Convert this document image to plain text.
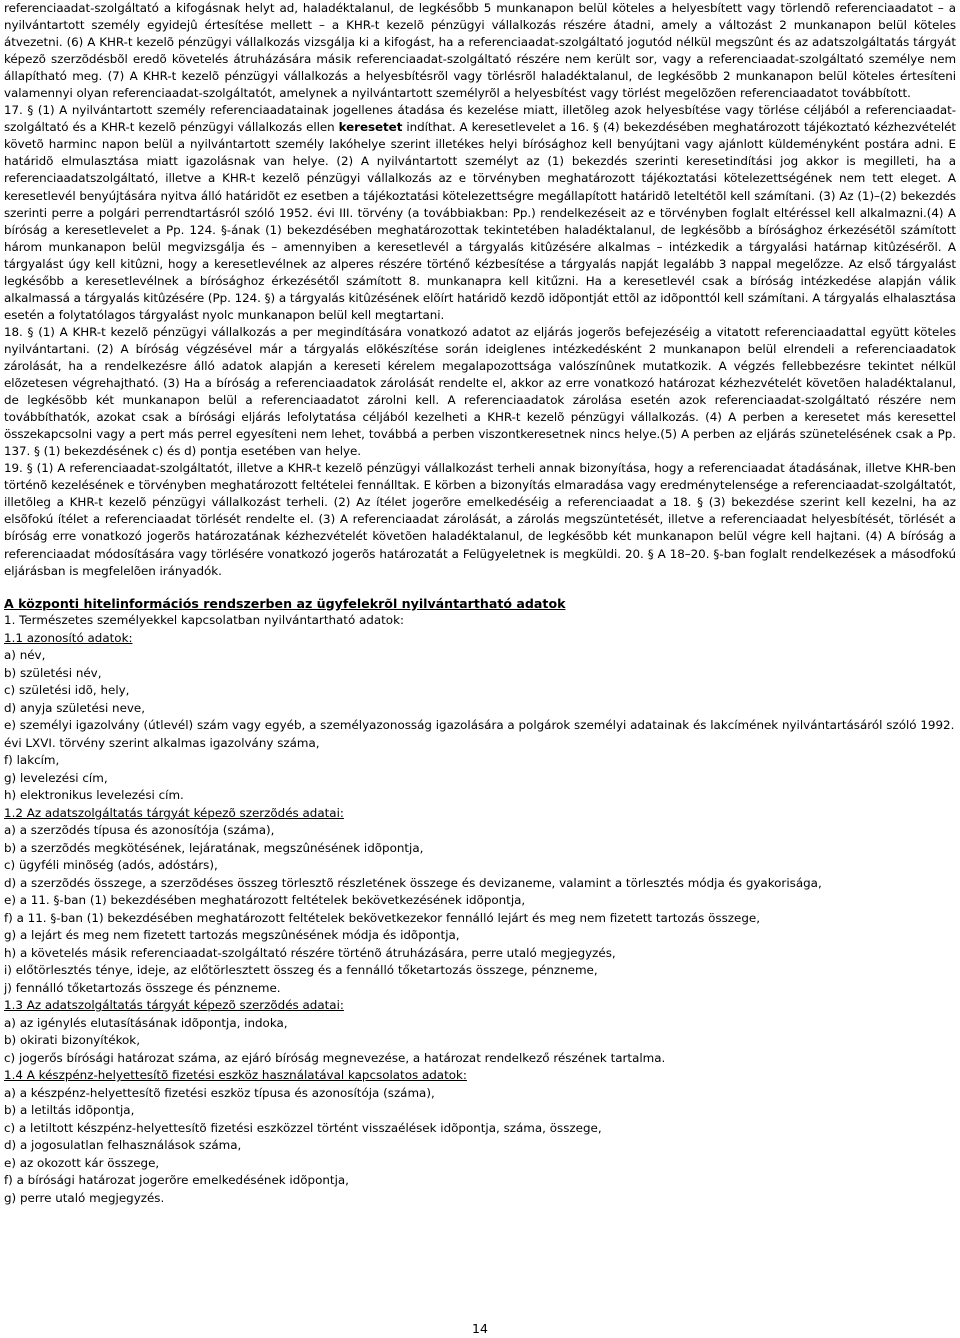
referenciaadat-szolgáltató a kifogásnak helyt ad, haladéktalanul, de legkésőbb 5 munkanapon belül köteles a helyesbített vagy törlendõ referenciaadatot – a nyilvántartott személy egyidejû értesítése mellett – a KHR-t kezelõ pénzügyi vállalkozás részére átadni, amely a változást 2 munkanapon belül köteles átvezetni. (6) A KHR-t kezelõ pénzügyi vállalkozás vizsgálja ki a kifogást, ha a referenciaadat-szolgáltató jogutód nélkül megszûnt és az adatszolgáltatás tárgyát képezõ szerzõdésbõl eredõ követelés átruházására másik referenciaadat-szolgáltató részére nem került sor, vagy a referenciaadat-szolgáltató személye nem állapítható meg. (7) A KHR-t kezelõ pénzügyi vállalkozás a helyesbítésrõl vagy törlésrõl haladéktalanul, de legkésõbb 2 munkanapon belül köteles értesíteni valamennyi olyan referenciaadat-szolgáltatót, amelynek a nyilvántartott személyrõl a helyesbítést vagy törlést megelõzõen referenciaadatot továbbított.

17. § (1) A nyilvántartott személy referenciaadatainak jogellenes átadása és kezelése miatt, illetõleg azok helyesbítése vagy törlése céljából a referenciaadat-szolgáltató és a KHR-t kezelõ pénzügyi vállalkozás ellen keresetet indíthat. A keresetlevelet a 16. § (4) bekezdésében meghatározott tájékoztató kézhezvételét követõ harminc napon belül a nyilvántartott személy lakóhelye szerint illetékes helyi bírósághoz kell benyújtani vagy ajánlott küldeményként postára adni. E határidõ elmulasztása miatt igazolásnak van helye. (2) A nyilvántartott személyt az (1) bekezdés szerinti keresetindítási jog akkor is megilleti, ha a referenciaadatszolgáltató, illetve a KHR-t kezelõ pénzügyi vállalkozás az e törvényben meghatározott tájékoztatási kötelezettségének nem tett eleget. A keresetlevél benyújtására nyitva álló határidõt ez esetben a tájékoztatási kötelezettségre megállapított határidõ leteltétõl kell számítani. (3) Az (1)–(2) bekezdés szerinti perre a polgári perrendtartásról szóló 1952. évi III. törvény (a továbbiakban: Pp.) rendelkezéseit az e törvényben foglalt eltéréssel kell alkalmazni.(4) A bíróság a keresetlevelet a Pp. 124. §-ának (1) bekezdésében meghatározottak tekintetében haladéktalanul, de legkésõbb a bírósághoz érkezésétõl számított három munkanapon belül megvizsgálja és – amennyiben a keresetlevél a tárgyalás kitûzésére alkalmas – intézkedik a tárgyalási határnap kitûzésérõl. A tárgyalást úgy kell kitûzni, hogy a keresetlevélnek az alperes részére történő kézbesítése a tárgyalás napját legalább 3 nappal megelőzze. Az első tárgyalást legkésőbb a keresetlevélnek a bírósághoz érkezésétől számított 8. munkanapra kell kitűzni. Ha a keresetlevél csak a bíróság intézkedése alapján válik alkalmassá a tárgyalás kitûzésére (Pp. 124. §) a tárgyalás kitûzésének elõírt határidõ kezdõ idõpontját ettõl az idõponttól kell számítani. A tárgyalás elhalasztása esetén a folytatólagos tárgyalást nyolc munkanapon belül kell megtartani.

18. § (1) A KHR-t kezelõ pénzügyi vállalkozás a per megindítására vonatkozó adatot az eljárás jogerõs befejezéséig a vitatott referenciaadattal együtt köteles nyilvántartani. (2) A bíróság végzésével már a tárgyalás elõkészítése során ideiglenes intézkedésként 2 munkanapon belül elrendeli a referenciaadatok zárolását, ha a rendelkezésre álló adatok alapján a kereseti kérelem megalapozottsága valószínûnek mutatkozik. A végzés fellebbezésre tekintet nélkül elõzetesen végrehajtható. (3) Ha a bíróság a referenciaadatok zárolását rendelte el, akkor az erre vonatkozó határozat kézhezvételét követõen haladéktalanul, de legkésõbb két munkanapon belül a referenciaadatot zárolni kell. A referenciaadatok zárolása esetén azok referenciaadat-szolgáltató részére nem továbbíthatók, azokat csak a bírósági eljárás lefolytatása céljából kezelheti a KHR-t kezelõ pénzügyi vállalkozás. (4) A perben a keresetet más keresettel összekapcsolni vagy a pert más perrel egyesíteni nem lehet, továbbá a perben viszontkeresetnek nincs helye.(5) A perben az eljárás szünetelésének csak a Pp. 137. § (1) bekezdésének c) és d) pontja esetében van helye.

19. § (1) A referenciaadat-szolgáltatót, illetve a KHR-t kezelõ pénzügyi vállalkozást terheli annak bizonyítása, hogy a referenciaadat átadásának, illetve KHR-ben történõ kezelésének e törvényben meghatározott feltételei fennálltak. E körben a bizonyítás elmaradása vagy eredménytelensége a referenciaadat-szolgáltatót, illetõleg a KHR-t kezelõ pénzügyi vállalkozást terheli. (2) Az ítélet jogerõre emelkedéséig a referenciaadat a 18. § (3) bekezdése szerint kell kezelni, ha az elsõfokú ítélet a referenciaadat törlését rendelte el. (3) A referenciaadat zárolását, a zárolás megszüntetését, illetve a referenciaadat helyesbítését, törlését a bíróság erre vonatkozó jogerõs határozatának kézhezvételét követõen haladéktalanul, de legkésõbb két munkanapon belül végre kell hajtani. (4) A bíróság a referenciaadat módosítására vagy törlésére vonatkozó jogerõs határozatát a Felügyeletnek is megküldi. 20. § A 18–20. §-ban foglalt rendelkezések a másodfokú eljárásban is megfelelõen irányadók.

A központi hitelinformációs rendszerben az ügyfelekrõl nyilvántartható adatok

1. Természetes személyekkel kapcsolatban nyilvántartható adatok:

1.1 azonosító adatok:

a) név,

b) születési név,

c) születési idõ, hely,

d) anyja születési neve,

e) személyi igazolvány (útlevél) szám vagy egyéb, a személyazonosság igazolására a polgárok személyi adatainak és lakcímének nyilvántartásáról szóló 1992. évi LXVI. törvény szerint alkalmas igazolvány száma,

f) lakcím,

g) levelezési cím,

h) elektronikus levelezési cím.

1.2 Az adatszolgáltatás tárgyát képezõ szerzõdés adatai:

a) a szerzõdés típusa és azonosítója (száma),

b) a szerzõdés megkötésének, lejáratának, megszûnésének idõpontja,

c) ügyféli minõség (adós, adóstárs),

d) a szerzõdés összege, a szerzõdéses összeg törlesztõ részletének összege és devizaneme, valamint a törlesztés módja és gyakorisága,

e) a 11. §-ban (1) bekezdésében meghatározott feltételek bekövetkezésének idõpontja,

f) a 11. §-ban (1) bekezdésében meghatározott feltételek bekövetkezekor fennálló lejárt és meg nem fizetett tartozás összege,

g) a lejárt és meg nem fizetett tartozás megszûnésének módja és idõpontja,

h) a követelés másik referenciaadat-szolgáltató részére történõ átruházására, perre utaló megjegyzés,

i) előtörlesztés ténye, ideje, az előtörlesztett összeg és a fennálló tőketartozás összege, pénzneme,

j) fennálló tőketartozás összege és pénzneme.

1.3 Az adatszolgáltatás tárgyát képezõ szerzõdés adatai:

a) az igénylés elutasításának idõpontja, indoka,

b) okirati bizonyítékok,

c) jogerős bírósági határozat száma, az ejáró bíróság megnevezése, a határozat rendelkező részének tartalma.

1.4 A készpénz-helyettesítõ fizetési eszköz használatával kapcsolatos adatok:

a) a készpénz-helyettesítõ fizetési eszköz típusa és azonosítója (száma),

b) a letiltás idõpontja,

c) a letiltott készpénz-helyettesítõ fizetési eszközzel történt visszaélések idõpontja, száma, összege,

d) a jogosulatlan felhasználások száma,

e) az okozott kár összege,

f) a bírósági határozat jogerõre emelkedésének idõpontja,

g) perre utaló megjegyzés.

14
